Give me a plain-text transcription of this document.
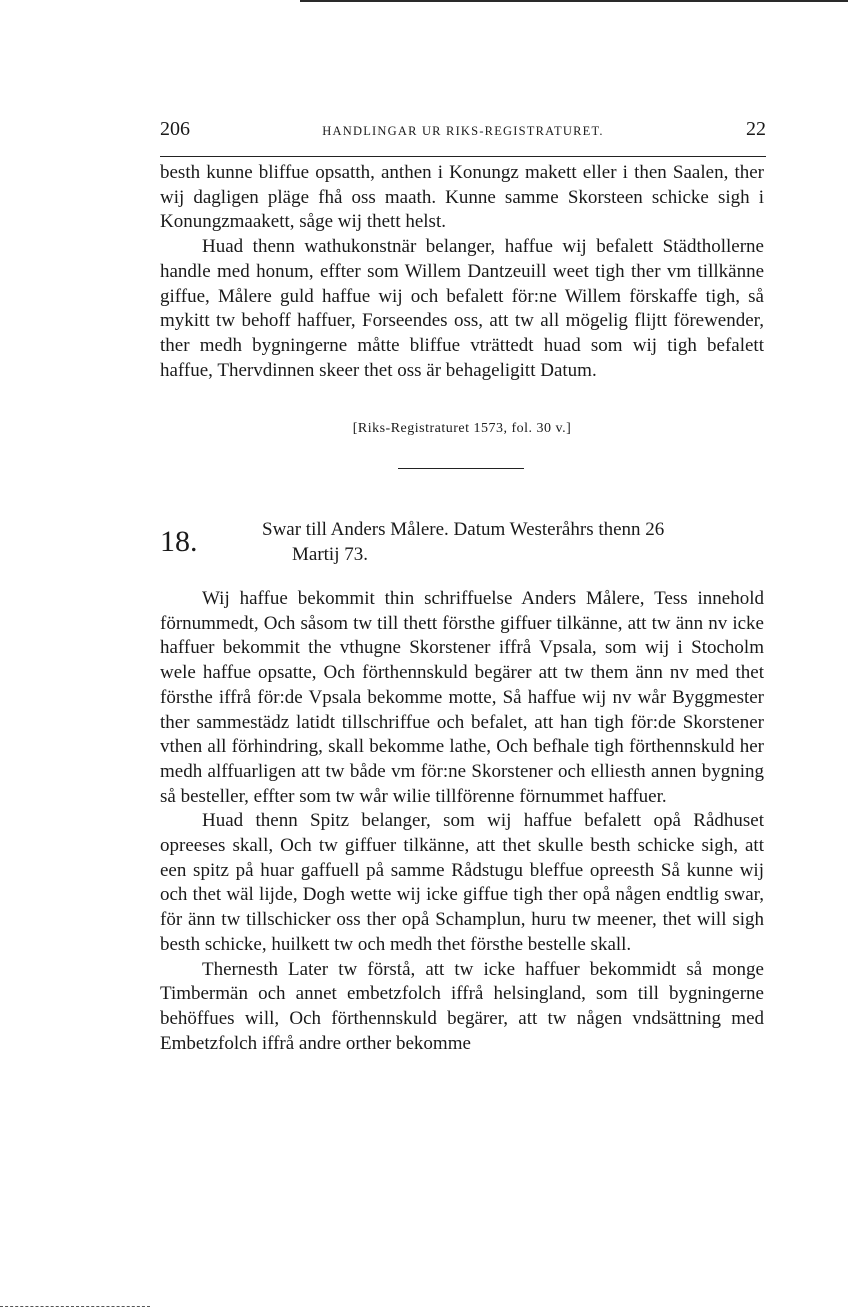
206	HANDLINGAR UR RIKS-REGISTRATURET.	22

besth kunne bliffue opsatth, anthen i Konungz makett eller i then Saalen, ther wij dagligen pläge fhå oss maath. Kunne samme Skorsteen schicke sigh i Konungzmaakett, såge wij thett helst.

Huad thenn wathukonstnär belanger, haffue wij befalett Städthollerne handle med honum, effter som Willem Dantzeuill weet tigh ther vm tillkänne giffue, Målere guld haffue wij och befalett för:ne Willem förskaffe tigh, så mykitt tw behoff haffuer, Forseendes oss, att tw all mögelig flijtt förewender, ther medh bygningerne måtte bliffue vträttedt huad som wij tigh befalett haffue, Thervdinnen skeer thet oss är behageligitt Datum.

[Riks-Registraturet 1573, fol. 30 v.]
18.	Swar till Anders Målere. Datum Westeråhrs thenn 26
Martij 73.

Wij haffue bekommit thin schriffuelse Anders Målere, Tess innehold förnummedt, Och såsom tw till thett försthe giffuer tilkänne, att tw änn nv icke haffuer bekommit the vthugne Skorstener iffrå Vpsala, som wij i Stocholm wele haffue opsatte, Och förthennskuld begärer att tw them änn nv med thet försthe iffrå för:de Vpsala bekomme motte, Så haffue wij nv wår Byggmester ther sammestädz latidt tillschriffue och befalet, att han tigh för:de Skorstener vthen all förhindring, skall bekomme lathe, Och befhale tigh förthennskuld her medh alffuarligen att tw både vm för:ne Skorstener och elliesth annen bygning så besteller, effter som tw wår wilie tillförenne förnummet haffuer.

Huad thenn Spitz belanger, som wij haffue befalett opå Rådhuset opreeses skall, Och tw giffuer tilkänne, att thet skulle besth schicke sigh, att een spitz på huar gaffuell på samme Rådstugu bleffue opreesth Så kunne wij och thet wäl lijde, Dogh wette wij icke giffue tigh ther opå någen endtlig swar, för änn tw tillschicker oss ther opå Schamplun, huru tw meener, thet will sigh besth schicke, huilkett tw och medh thet försthe bestelle skall.

Thernesth Later tw förstå, att tw icke haffuer bekommidt så monge Timbermän och annet embetzfolch iffrå helsingland, som till bygningerne behöffues will, Och förthennskuld begärer, att tw någen vndsättning med Embetzfolch iffrå andre orther bekomme
